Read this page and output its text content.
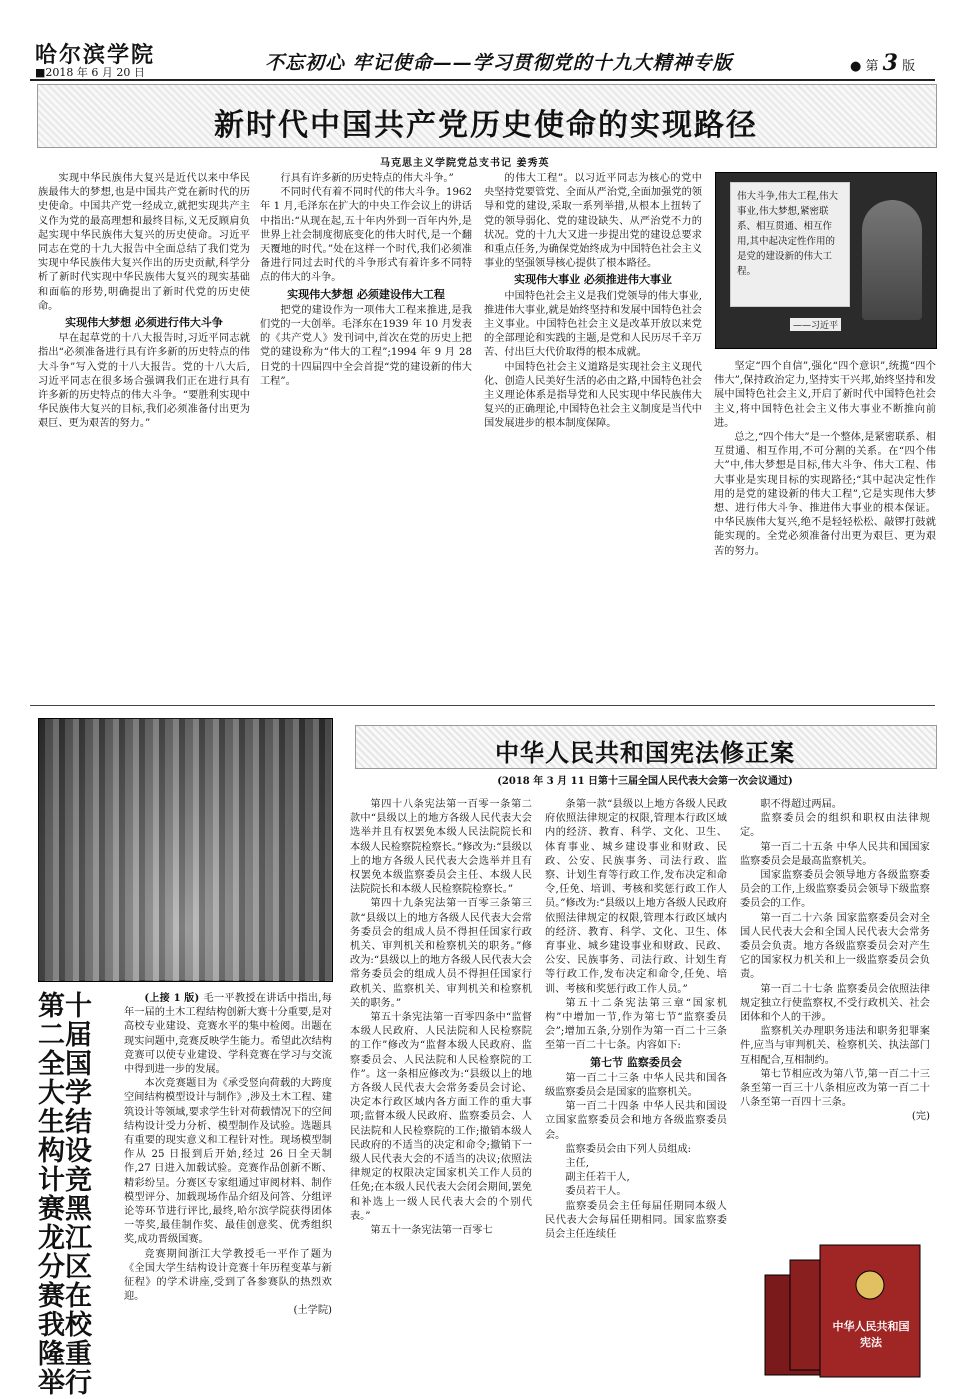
哈尔滨学院
■2018 年 6 月 20 日	不忘初心 牢记使命——学习贯彻党的十九大精神专版	● 第 3 版
新时代中国共产党历史使命的实现路径
马克思主义学院党总支书记 姜秀英

实现中华民族伟大复兴是近代以来中华民族最伟大的梦想,也是中国共产党在新时代的历史使命。中国共产党一经成立,就把实现共产主义作为党的最高理想和最终目标,义无反顾肩负起实现中华民族伟大复兴的历史使命。习近平同志在党的十九大报告中全面总结了我们党为实现中华民族伟大复兴作出的历史贡献,科学分析了新时代实现中华民族伟大复兴的现实基础和面临的形势,明确提出了新时代党的历史使命。

实现伟大梦想 必须进行伟大斗争

早在起草党的十八大报告时,习近平同志就指出“必须准备进行具有许多新的历史特点的伟大斗争”写入党的十八大报告。党的十八大后,习近平同志在很多场合强调我们正在进行具有许多新的历史特点的伟大斗争。“要胜利实现中华民族伟大复兴的目标,我们必须准备付出更为艰巨、更为艰苦的努力。”

行具有许多新的历史特点的伟大斗争。”

不同时代有着不同时代的伟大斗争。1962 年 1 月,毛泽东在扩大的中央工作会议上的讲话中指出:“从现在起,五十年内外到一百年内外,是世界上社会制度彻底变化的伟大时代,是一个翻天覆地的时代。”处在这样一个时代,我们必须准备进行同过去时代的斗争形式有着许多不同特点的伟大的斗争。

实现伟大梦想 必须建设伟大工程

把党的建设作为一项伟大工程来推进,是我们党的一大创举。毛泽东在1939 年 10 月发表的《共产党人》发刊词中,首次在党的历史上把党的建设称为“伟大的工程”;1994 年 9 月 28 日党的十四届四中全会首提“党的建设新的伟大工程”。

的伟大工程”。以习近平同志为核心的党中央坚持党要管党、全面从严治党,全面加强党的领导和党的建设,采取一系列举措,从根本上扭转了党的领导弱化、党的建设缺失、从严治党不力的状况。党的十九大又进一步提出党的建设总要求和重点任务,为确保党始终成为中国特色社会主义事业的坚强领导核心提供了根本路径。

实现伟大事业 必须推进伟大事业

中国特色社会主义是我们党领导的伟大事业,推进伟大事业,就是始终坚持和发展中国特色社会主义事业。中国特色社会主义是改革开放以来党的全部理论和实践的主题,是党和人民历尽千辛万苦、付出巨大代价取得的根本成就。

中国特色社会主义道路是实现社会主义现代化、创造人民美好生活的必由之路,中国特色社会主义理论体系是指导党和人民实现中华民族伟大复兴的正确理论,中国特色社会主义制度是当代中国发展进步的根本制度保障。

伟大斗争,伟大工程,伟大事业,伟大梦想,紧密联系、相互贯通、相互作用,其中起决定性作用的是党的建设新的伟大工程。
——习近平

坚定“四个自信”,强化“四个意识”,统揽“四个伟大”,保持政治定力,坚持实干兴邦,始终坚持和发展中国特色社会主义,开启了新时代中国特色社会主义,将中国特色社会主义伟大事业不断推向前进。

总之,“四个伟大”是一个整体,是紧密联系、相互贯通、相互作用,不可分割的关系。在“四个伟大”中,伟大梦想是目标,伟大斗争、伟大工程、伟大事业是实现目标的实现路径;“其中起决定性作用的是党的建设新的伟大工程”,它是实现伟大梦想、进行伟大斗争、推进伟大事业的根本保证。中华民族伟大复兴,绝不是轻轻松松、敲锣打鼓就能实现的。全党必须准备付出更为艰巨、更为艰苦的努力。

第十二届全国大学生结构设计竞赛黑龙江分区赛在我校隆重举行

(上接 1 版) 毛一平教授在讲话中指出,每年一届的土木工程结构创新大赛十分重要,是对高校专业建设、竞赛水平的集中检阅。出题在现实问题中,竞赛反映学生能力。希望此次结构竞赛可以使专业建设、学科竞赛在学习与交流中得到进一步的发展。

本次竞赛题目为《承受竖向荷载的大跨度空间结构模型设计与制作》,涉及土木工程、建筑设计等领域,要求学生针对荷载情况下的空间结构设计受力分析、模型制作及试验。选题具有重要的现实意义和工程针对性。现场模型制作从 25 日报到后开始,经过 26 日全天制作,27 日进入加载试验。竞赛作品创新不断、精彩纷呈。分赛区专家组通过审阅材料、制作模型评分、加载现场作品介绍及问答、分组评论等环节进行评比,最终,哈尔滨学院获得团体一等奖,最佳制作奖、最佳创意奖、优秀组织奖,成功晋级国赛。

竞赛期间浙江大学教授毛一平作了题为《全国大学生结构设计竞赛十年历程变革与新征程》的学术讲座,受到了各参赛队的热烈欢迎。

(土学院)

中华人民共和国宪法修正案
(2018 年 3 月 11 日第十三届全国人民代表大会第一次会议通过)

第四十八条宪法第一百零一条第二款中“县级以上的地方各级人民代表大会选举并且有权罢免本级人民法院院长和本级人民检察院检察长。”修改为:“县级以上的地方各级人民代表大会选举并且有权罢免本级监察委员会主任、本级人民法院院长和本级人民检察院检察长。”

第四十九条宪法第一百零三条第三款“县级以上的地方各级人民代表大会常务委员会的组成人员不得担任国家行政机关、审判机关和检察机关的职务。”修改为:“县级以上的地方各级人民代表大会常务委员会的组成人员不得担任国家行政机关、监察机关、审判机关和检察机关的职务。”

第五十条宪法第一百零四条中“监督本级人民政府、人民法院和人民检察院的工作”修改为“监督本级人民政府、监察委员会、人民法院和人民检察院的工作”。这一条相应修改为:“县级以上的地方各级人民代表大会常务委员会讨论、决定本行政区域内各方面工作的重大事项;监督本级人民政府、监察委员会、人民法院和人民检察院的工作;撤销本级人民政府的不适当的决定和命令;撤销下一级人民代表大会的不适当的决议;依照法律规定的权限决定国家机关工作人员的任免;在本级人民代表大会闭会期间,罢免和补选上一级人民代表大会的个别代表。”

第五十一条宪法第一百零七

条第一款“县级以上地方各级人民政府依照法律规定的权限,管理本行政区域内的经济、教育、科学、文化、卫生、体育事业、城乡建设事业和财政、民政、公安、民族事务、司法行政、监察、计划生育等行政工作,发布决定和命令,任免、培训、考核和奖惩行政工作人员。”修改为:“县级以上地方各级人民政府依照法律规定的权限,管理本行政区域内的经济、教育、科学、文化、卫生、体育事业、城乡建设事业和财政、民政、公安、民族事务、司法行政、计划生育等行政工作,发布决定和命令,任免、培训、考核和奖惩行政工作人员。”

第五十二条宪法第三章“国家机构”中增加一节,作为第七节“监察委员会”;增加五条,分别作为第一百二十三条至第一百二十七条。内容如下:

第七节 监察委员会

第一百二十三条 中华人民共和国各级监察委员会是国家的监察机关。

第一百二十四条 中华人民共和国设立国家监察委员会和地方各级监察委员会。

监察委员会由下列人员组成:

主任,

副主任若干人,

委员若干人。

监察委员会主任每届任期同本级人民代表大会每届任期相同。国家监察委员会主任连续任

职不得超过两届。

监察委员会的组织和职权由法律规定。

第一百二十五条 中华人民共和国国家监察委员会是最高监察机关。

国家监察委员会领导地方各级监察委员会的工作,上级监察委员会领导下级监察委员会的工作。

第一百二十六条 国家监察委员会对全国人民代表大会和全国人民代表大会常务委员会负责。地方各级监察委员会对产生它的国家权力机关和上一级监察委员会负责。

第一百二十七条 监察委员会依照法律规定独立行使监察权,不受行政机关、社会团体和个人的干涉。

监察机关办理职务违法和职务犯罪案件,应当与审判机关、检察机关、执法部门互相配合,互相制约。

第七节相应改为第八节,第一百二十三条至第一百三十八条相应改为第一百二十八条至第一百四十三条。

(完)

中华人民共和国宪法
